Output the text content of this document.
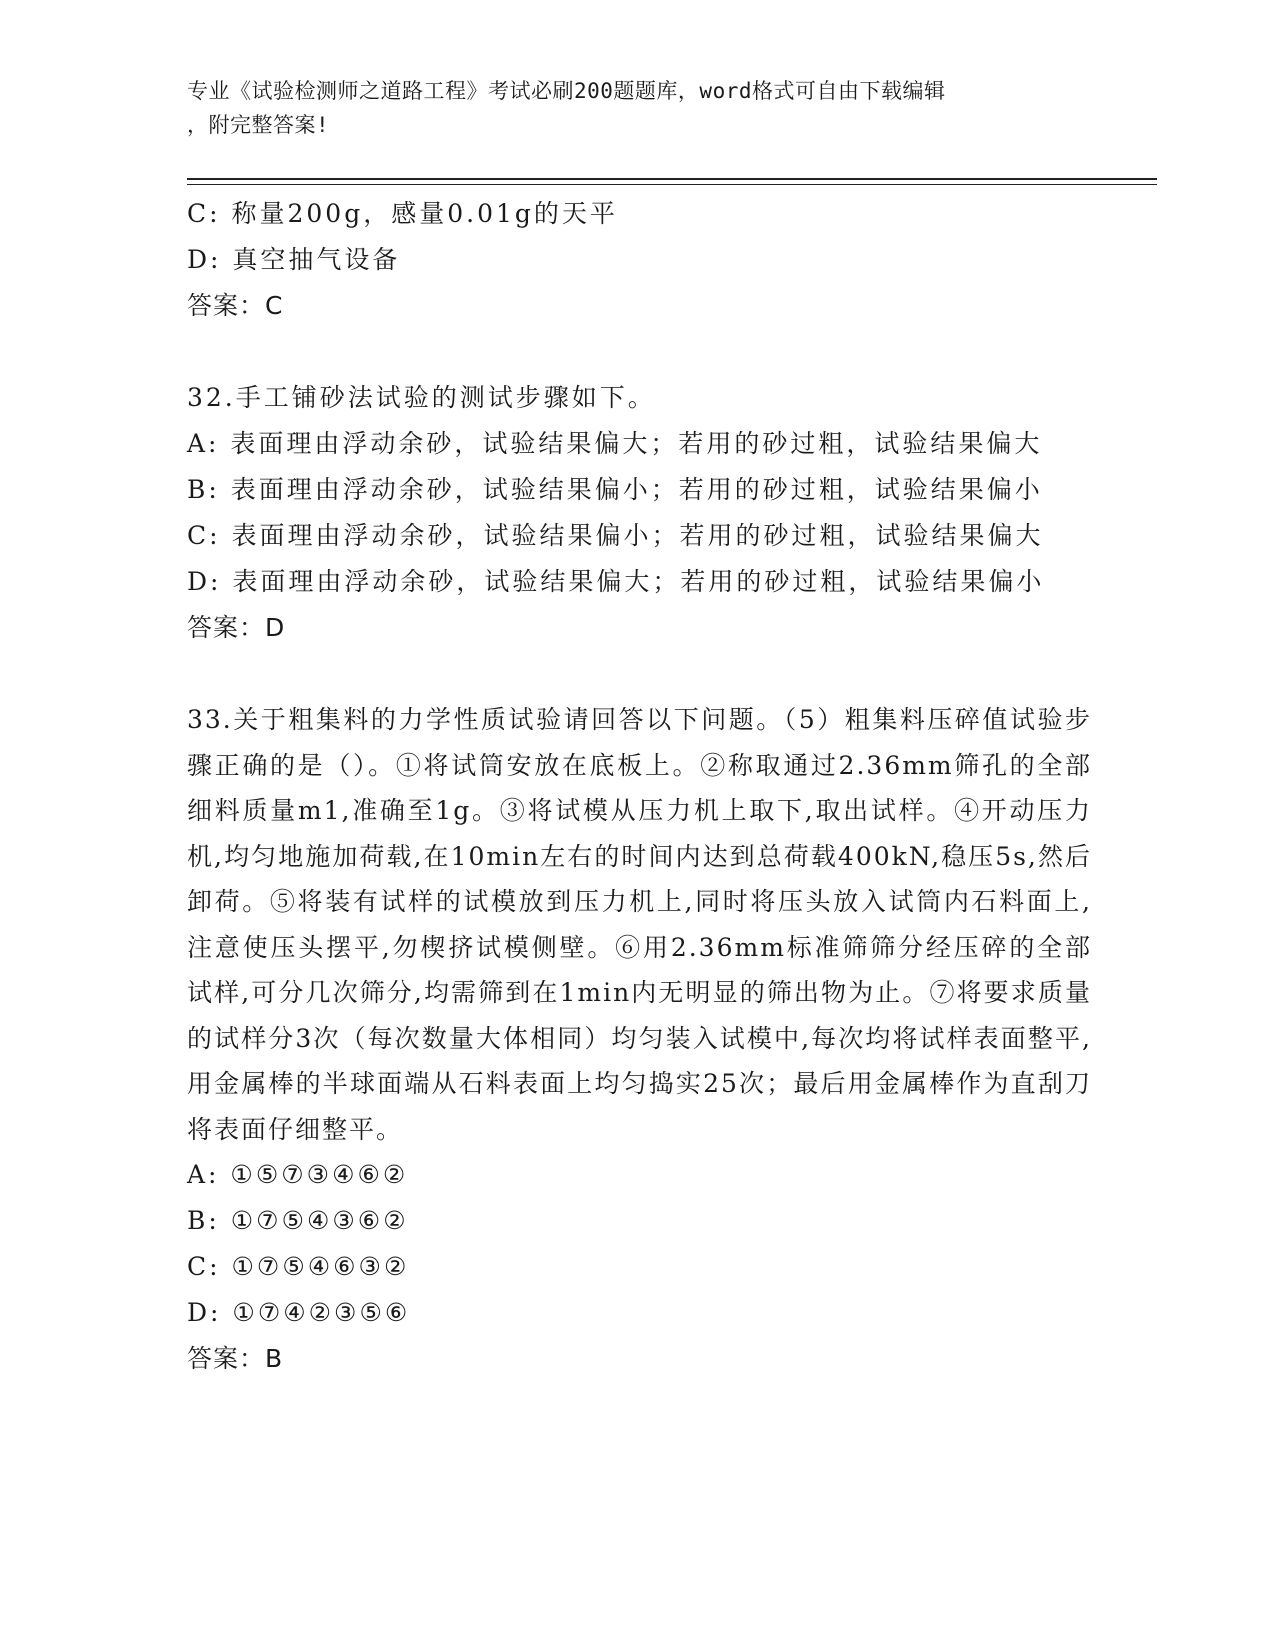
专业《试验检测师之道路工程》考试必刷200题题库，word格式可自由下载编辑
，附完整答案!
C: 称量200g，感量0.01g的天平
D: 真空抽气设备
答案：C
32.手工铺砂法试验的测试步骤如下。
A: 表面理由浮动余砂，试验结果偏大；若用的砂过粗，试验结果偏大
B: 表面理由浮动余砂，试验结果偏小；若用的砂过粗，试验结果偏小
C: 表面理由浮动余砂，试验结果偏小；若用的砂过粗，试验结果偏大
D: 表面理由浮动余砂，试验结果偏大；若用的砂过粗，试验结果偏小
答案：D
33.关于粗集料的力学性质试验请回答以下问题。（5）粗集料压碎值试验步骤正确的是（）。①将试筒安放在底板上。②称取通过2.36mm筛孔的全部细料质量m1,准确至1g。③将试模从压力机上取下,取出试样。④开动压力机,均匀地施加荷载,在10min左右的时间内达到总荷载400kN,稳压5s,然后卸荷。⑤将装有试样的试模放到压力机上,同时将压头放入试筒内石料面上,注意使压头摆平,勿楔挤试模侧壁。⑥用2.36mm标准筛筛分经压碎的全部试样,可分几次筛分,均需筛到在1min内无明显的筛出物为止。⑦将要求质量的试样分3次（每次数量大体相同）均匀装入试模中,每次均将试样表面整平,用金属棒的半球面端从石料表面上均匀捣实25次；最后用金属棒作为直刮刀将表面仔细整平。
A: ①⑤⑦③④⑥②
B: ①⑦⑤④③⑥②
C: ①⑦⑤④⑥③②
D: ①⑦④②③⑤⑥
答案：B
